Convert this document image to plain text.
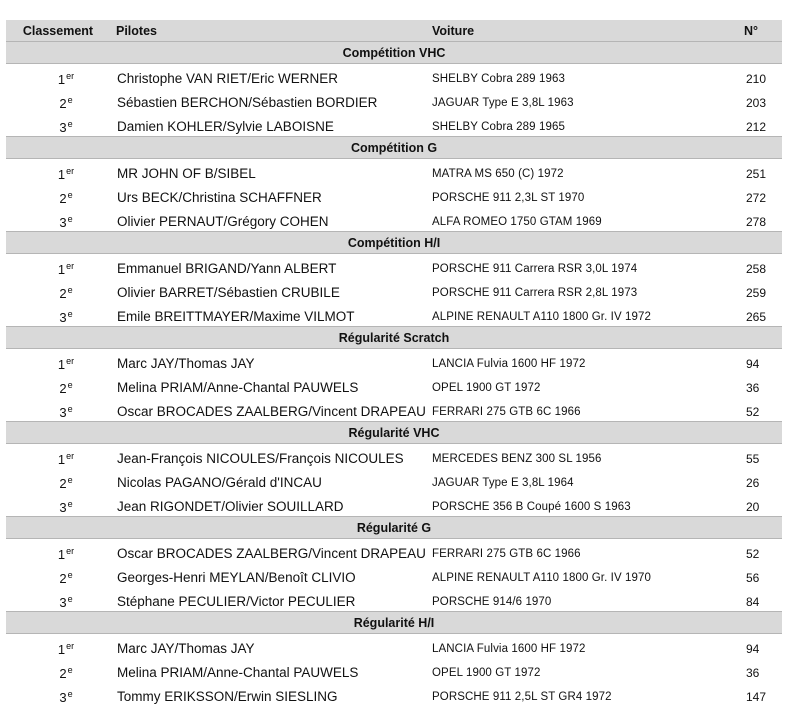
Classement	Pilotes	Voiture	N°
Compétition VHC			
1er	Christophe VAN RIET/Eric WERNER	SHELBY Cobra 289 1963	210
2e	Sébastien BERCHON/Sébastien BORDIER	JAGUAR Type E 3,8L 1963	203
3e	Damien KOHLER/Sylvie LABOISNE	SHELBY Cobra 289 1965	212
Compétition G			
1er	MR JOHN OF B/SIBEL	MATRA MS 650 (C) 1972	251
2e	Urs BECK/Christina SCHAFFNER	PORSCHE 911 2,3L ST 1970	272
3e	Olivier PERNAUT/Grégory COHEN	ALFA ROMEO 1750 GTAM 1969	278
Compétition H/I			
1er	Emmanuel BRIGAND/Yann ALBERT	PORSCHE 911 Carrera RSR 3,0L 1974	258
2e	Olivier BARRET/Sébastien CRUBILE	PORSCHE 911 Carrera RSR 2,8L 1973	259
3e	Emile BREITTMAYER/Maxime VILMOT	ALPINE RENAULT A110 1800 Gr. IV 1972	265
Régularité Scratch			
1er	Marc JAY/Thomas JAY	LANCIA Fulvia 1600 HF 1972	94
2e	Melina PRIAM/Anne-Chantal PAUWELS	OPEL 1900 GT 1972	36
3e	Oscar BROCADES ZAALBERG/Vincent DRAPEAU	FERRARI 275 GTB 6C 1966	52
Régularité VHC			
1er	Jean-François NICOULES/François NICOULES	MERCEDES BENZ 300 SL 1956	55
2e	Nicolas PAGANO/Gérald d'INCAU	JAGUAR Type E 3,8L 1964	26
3e	Jean RIGONDET/Olivier SOUILLARD	PORSCHE 356 B Coupé 1600 S 1963	20
Régularité G			
1er	Oscar BROCADES ZAALBERG/Vincent DRAPEAU	FERRARI 275 GTB 6C 1966	52
2e	Georges-Henri MEYLAN/Benoît CLIVIO	ALPINE RENAULT A110 1800 Gr. IV 1970	56
3e	Stéphane PECULIER/Victor PECULIER	PORSCHE 914/6 1970	84
Régularité H/I			
1er	Marc JAY/Thomas JAY	LANCIA Fulvia 1600 HF 1972	94
2e	Melina PRIAM/Anne-Chantal PAUWELS	OPEL 1900 GT 1972	36
3e	Tommy ERIKSSON/Erwin SIESLING	PORSCHE 911 2,5L ST GR4 1972	147
